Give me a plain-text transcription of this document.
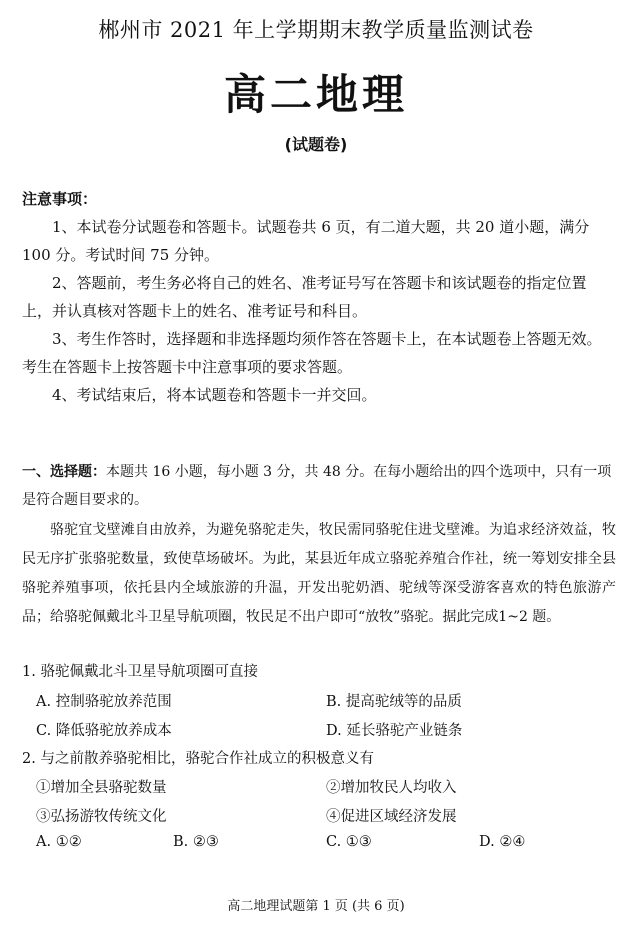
郴州市 2021 年上学期期末教学质量监测试卷
高二地理
(试题卷)
注意事项：
1、本试卷分试题卷和答题卡。试题卷共 6 页，有二道大题，共 20 道小题，满分 100 分。考试时间 75 分钟。
2、答题前，考生务必将自己的姓名、准考证号写在答题卡和该试题卷的指定位置上，并认真核对答题卡上的姓名、准考证号和科目。
3、考生作答时，选择题和非选择题均须作答在答题卡上，在本试题卷上答题无效。考生在答题卡上按答题卡中注意事项的要求答题。
4、考试结束后，将本试题卷和答题卡一并交回。
一、选择题：本题共 16 小题，每小题 3 分，共 48 分。在每小题给出的四个选项中，只有一项是符合题目要求的。
骆驼宜戈壁滩自由放养，为避免骆驼走失，牧民需同骆驼住进戈壁滩。为追求经济效益，牧民无序扩张骆驼数量，致使草场破坏。为此，某县近年成立骆驼养殖合作社，统一筹划安排全县骆驼养殖事项，依托县内全域旅游的升温，开发出驼奶酒、驼绒等深受游客喜欢的特色旅游产品；给骆驼佩戴北斗卫星导航项圈，牧民足不出户即可“放牧”骆驼。据此完成1~2 题。
1. 骆驼佩戴北斗卫星导航项圈可直接
A. 控制骆驼放养范围	B. 提高驼绒等的品质
C. 降低骆驼放养成本	D. 延长骆驼产业链条
2. 与之前散养骆驼相比，骆驼合作社成立的积极意义有
①增加全县骆驼数量	②增加牧民人均收入
③弘扬游牧传统文化	④促进区域经济发展
A. ①②	B. ②③	C. ①③	D. ②④
高二地理试题第 1 页 (共 6 页)
